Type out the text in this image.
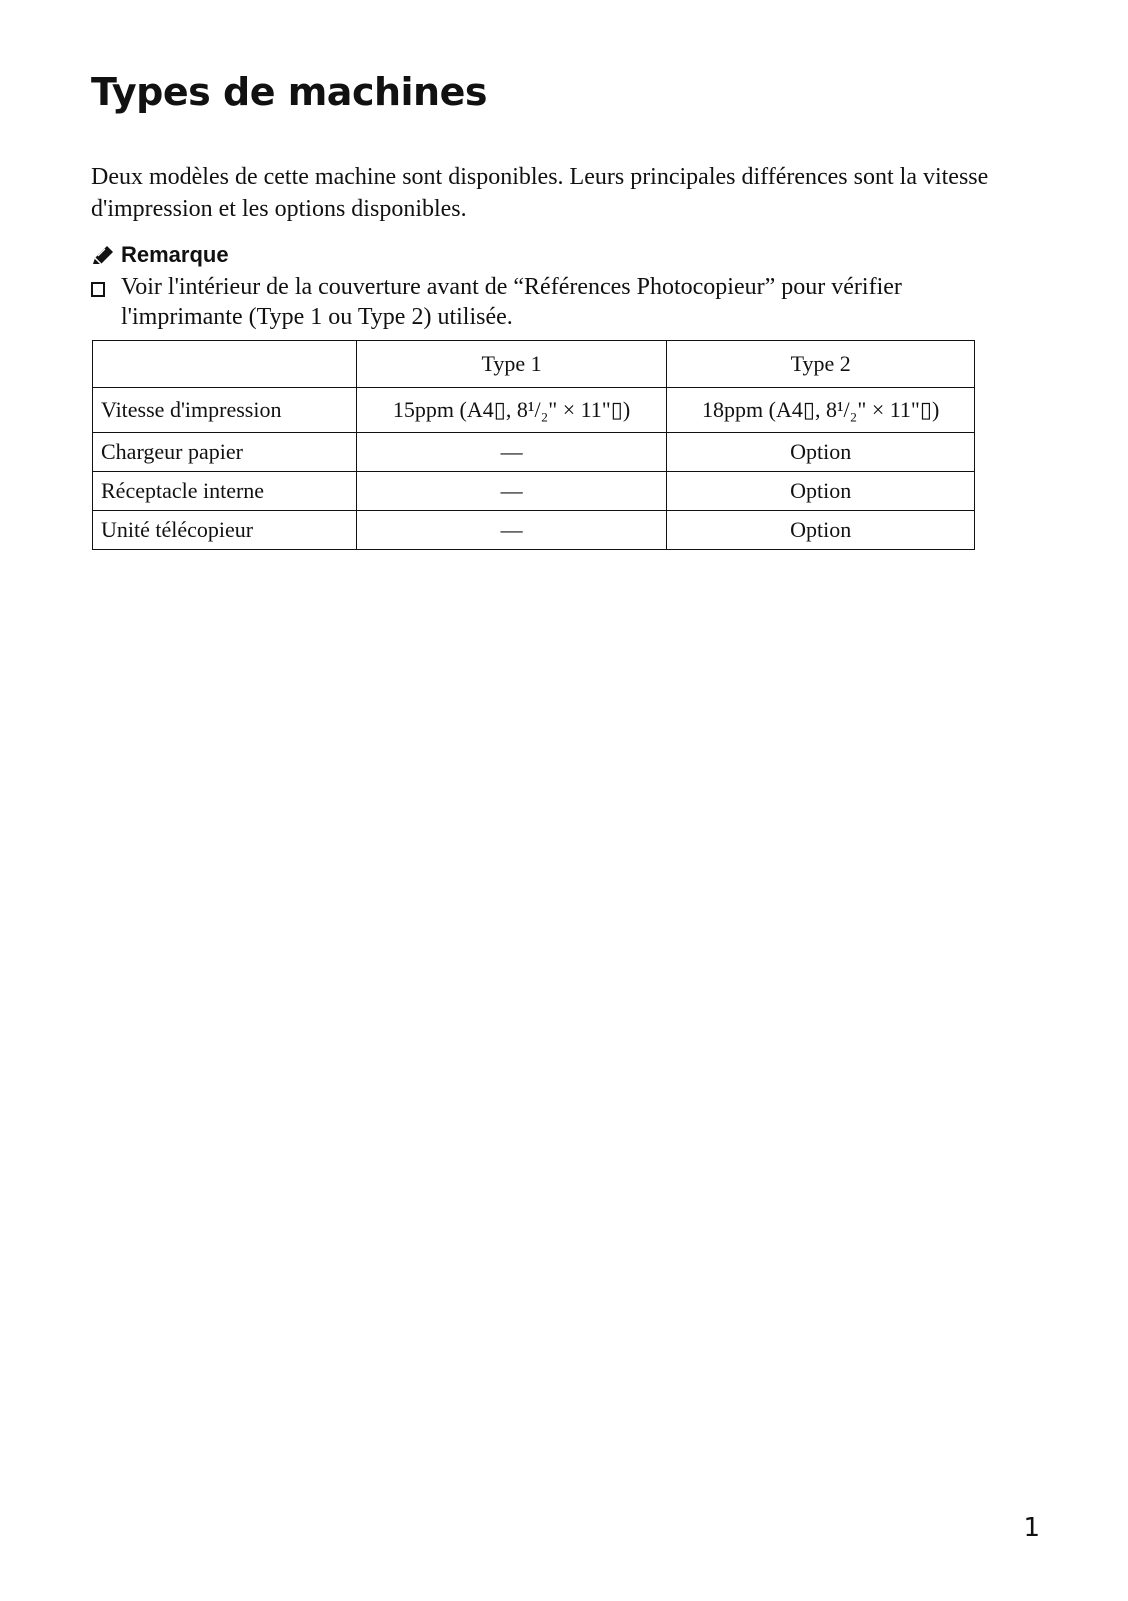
Types de machines

Deux modèles de cette machine sont disponibles. Leurs principales différences sont la vitesse d'impression et les options disponibles.

Remarque
Voir l'intérieur de la couverture avant de “Références Photocopieur” pour vérifier l'imprimante (Type 1 ou Type 2) utilisée.
	Type 1	Type 2
Vitesse d'impression	15ppm (A4▯, 8¹/₂" × 11"▯)	18ppm (A4▯, 8¹/₂" × 11"▯)
Chargeur papier	—	Option
Réceptacle interne	—	Option
Unité télécopieur	—	Option
1
